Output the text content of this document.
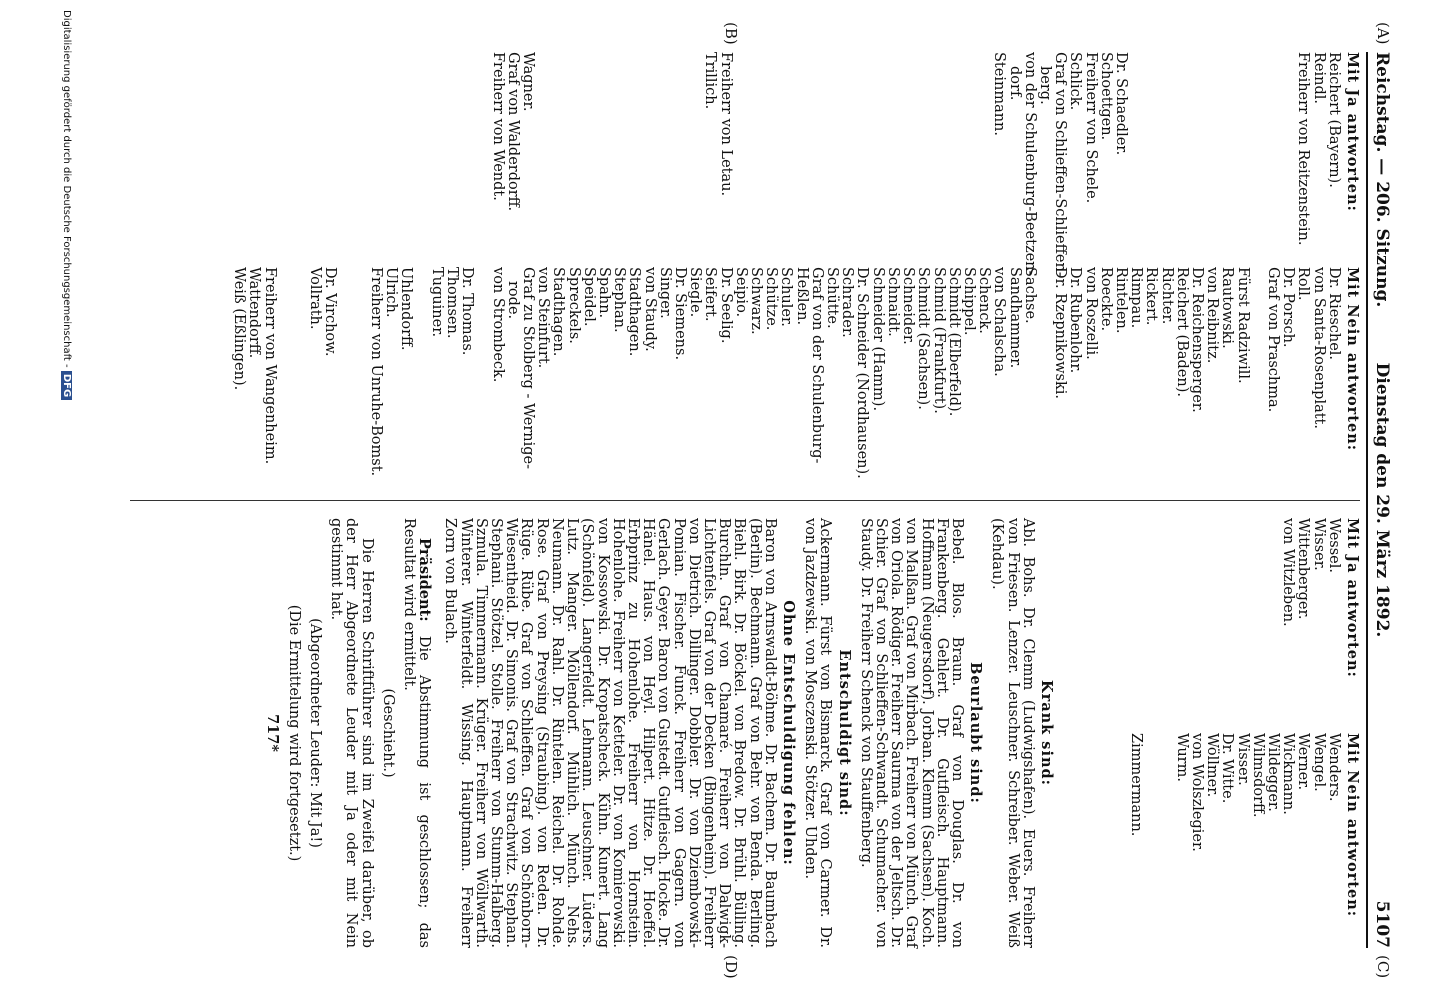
Reichstag. — 206. Sitzung.
Dienstag den 29. März 1892.
5107
(A)
(B)
(C)
(D)
Mit Ja antworten:
Reichert (Bayern).
Reindl.
Freiherr von Reitzenstein.

Dr. Schaedler.
Schoettgen.
Freiherr von Schele.
Schlick.
Graf von Schlieffen-Schlieffen-
berg.
von der Schulenburg-Beetzen-
dorf.
Steinmann.

Freiherr von Letau.
Trillich.

Wagner.
Graf von Walderdorff.
Freiherr von Wendt.
Mit Nein antworten:
Dr. Rieschel.
von Santa-Rosenplatt.
Roll.
Dr. Porsch.
Graf von Praschma.

Fürst Radziwill.
Rautowski.
von Reibnitz.
Dr. Reichensperger.
Reichert (Baden).
Richter.
Rickert.
Rimpau.
Rintelen.
Roeckte.
von Roszelli.
Dr. Rubenlohr.
Dr. Rzepnikowski.

Sachse.
Sandhammer.
von Schalscha.
Schenck.
Schippel.
Schmidt (Elberfeld).
Schmid (Frankfurt).
Schmidt (Sachsen).
Schneider.
Schnaidt.
Schneider (Hamm).
Dr. Schneider (Nordhausen).
Schrader.
Schütte.
Graf von der Schulenburg-
Heßlen.
Schuler.
Schütze.
Schwarz.
Seipio.
Dr. Seelig.
Seifert.
Siegle.
Dr. Siemens.
Singer.
von Staudy.
Stadthagen.
Stephan.
Spahn.
Speidel.
Spreckels.
Stadthagen.
von Steinfurt.
Graf zu Stolberg - Wernige-
rode.
von Strombeck.

Dr. Thomas.
Thomsen.
Tuguiner.

Uhlendorff.
Ulrich.
Freiherr von Unruhe-Bomst.

Dr. Virchow.
Vollrath.

Freiherr von Wangenheim.
Wattendorff.
Weiß (Eßlingen).
Mit Ja antworten:
Wessel.
Wisser.
Wittenberger.
von Witzleben.
Mit Nein antworten:
Wenders.
Wengel.
Werner.
Wickmann.
Wildegger.
Wilmsdorff.
Wisser.
Dr. Witte.
Wöllmer.
von Wolszlegier.
Wurm.

Zimmermann.
Krank sind:
Abl. Bohs. Dr. Clemm (Ludwigshafen). Euers. Freiherr von Friesen. Lenzer. Leuschner. Schreiber. Weber. Weiß (Kehdau).
Beurlaubt sind:
Bebel. Blos. Braun. Graf von Douglas. Dr. von Frankenberg. Gehlert. Dr. Gutfleisch. Hauptmann. Hoffmann (Neugersdorf). Jorban. Klemm (Sachsen). Koch. von Malßan. Graf von Mirbach. Freiherr von Münch. Graf von Oriola. Rödiger. Freiherr Saurma von der Jeltsch. Dr. Schier. Graf von Schlieffen-Schwandt. Schumacher. von Staudy. Dr. Freiherr Schenck von Stauffenberg.
Entschuldigt sind:
Ackermann. Fürst von Bismarck. Graf von Carmer. Dr. von Jazdzewski. von Mosczenski. Stötzer. Uhden.
Ohne Entschuldigung fehlen:
Baron von Arnswaldt-Böhme. Dr. Bachem. Dr. Baumbach (Berlin). Bechmann. Graf von Behr. von Benda. Berling. Biehl. Birk. Dr. Böckel. von Bredow. Dr. Brühl. Bülling. Burchln. Graf von Chamaré. Freiherr von Dalwigk-Lichtenfels. Graf von der Decken (Bingenheim). Freiherr von Dietrich. Dillinger. Dobbler. Dr. von Dziembowski-Pomian. Fischer. Funck. Freiherr von Gagern. von Gerlach. Geyer. Baron von Gustedt. Gutfleisch. Hocke. Dr. Hänel. Haus. von Heyl. Hilpert. Hitze. Dr. Hoeffel. Erbprinz zu Hohenlohe. Freiherr von Hornstein. Hohenlohe. Freiherr von Ketteler. Dr. von Komierowski. von Kossowski. Dr. Kropatscheck. Kühn. Kunert. Lang (Schönfeld). Langerfeldt. Lehmann. Leuschner. Lüders. Lutz. Manger. Möllendorf. Mühlich. Münch. Nehs. Neumann. Dr. Rahl. Dr. Rintelen. Reichel. Dr. Rohde. Rose. Graf von Preysing (Straubing). von Reden. Dr. Rüge. Rübe. Graf von Schlieffen. Graf von Schönborn-Wiesentheid. Dr. Simonis. Graf von Strachwitz. Stephan. Stephani. Stötzel. Stolle. Freiherr von Stumm-Halberg. Szmula. Timmermann. Krüger. Freiherr von Wöllwarth. Winterer. Winterfeldt. Wissing. Hauptmann. Freiherr Zorn von Bulach.
Präsident: Die Abstimmung ist geschlossen; das Resultat wird ermittelt.
(Geschieht.)
Die Herren Schriftführer sind im Zweifel darüber, ob der Herr Abgeordnete Leuder mit Ja oder mit Nein gestimmt hat.
(Abgeordneter Leuder: Mit Ja!)
(Die Ermittelung wird fortgesetzt.)
717*
Digitalisierung gefördert durch die Deutsche Forschungsgemeinschaft - DFG
